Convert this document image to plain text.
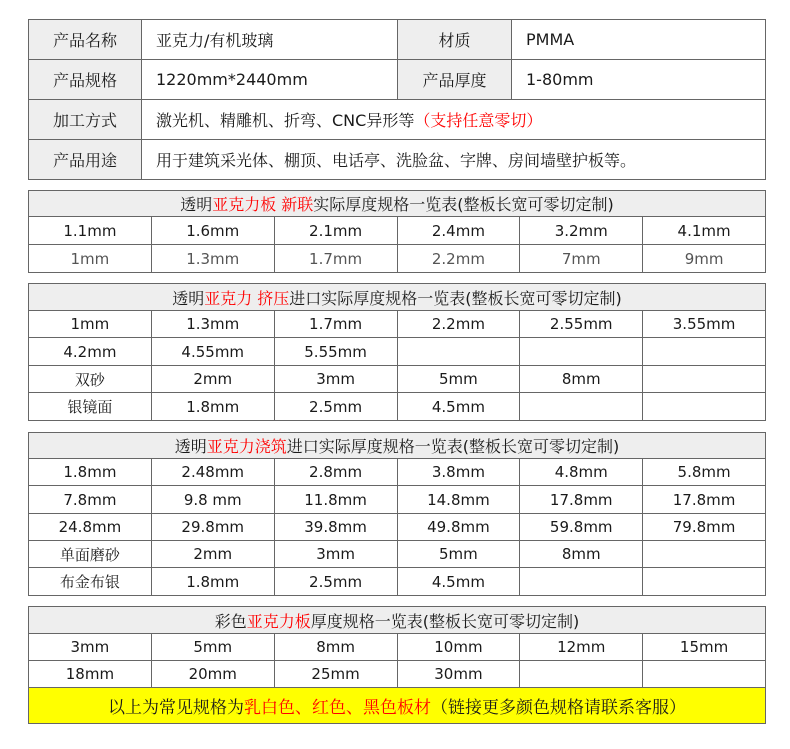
产品名称	亚克力/有机玻璃	材质	PMMA
产品规格	1220mm*2440mm	产品厚度	1-80mm
加工方式	激光机、精雕机、折弯、CNC异形等 （支持任意零切）
产品用途	用于建筑采光体、棚顶、电话亭、洗脸盆、字牌、房间墙壁护板等。
透明 亚克力板 新联 实际厚度规格一览表(整板长宽可零切定制)
1.1mm	1.6mm	2.1mm	2.4mm	3.2mm	4.1mm
1mm	1.3mm	1.7mm	2.2mm	7mm	9mm
透明 亚克力 挤压 进口实际厚度规格一览表(整板长宽可零切定制)
1mm	1.3mm	1.7mm	2.2mm	2.55mm	3.55mm
4.2mm	4.55mm	5.55mm
双砂	2mm	3mm	5mm	8mm
银镜面	1.8mm	2.5mm	4.5mm
透明 亚克力浇筑 进口实际厚度规格一览表(整板长宽可零切定制)
1.8mm	2.48mm	2.8mm	3.8mm	4.8mm	5.8mm
7.8mm	9.8 mm	11.8mm	14.8mm	17.8mm	17.8mm
24.8mm	29.8mm	39.8mm	49.8mm	59.8mm	79.8mm
单面磨砂	2mm	3mm	5mm	8mm
布金布银	1.8mm	2.5mm	4.5mm
彩色 亚克力板 厚度规格一览表(整板长宽可零切定制)
3mm	5mm	8mm	10mm	12mm	15mm
18mm	20mm	25mm	30mm
以上为常见规格为 乳白色、红色、黑色板材 （链接更多颜色规格请联系客服）
